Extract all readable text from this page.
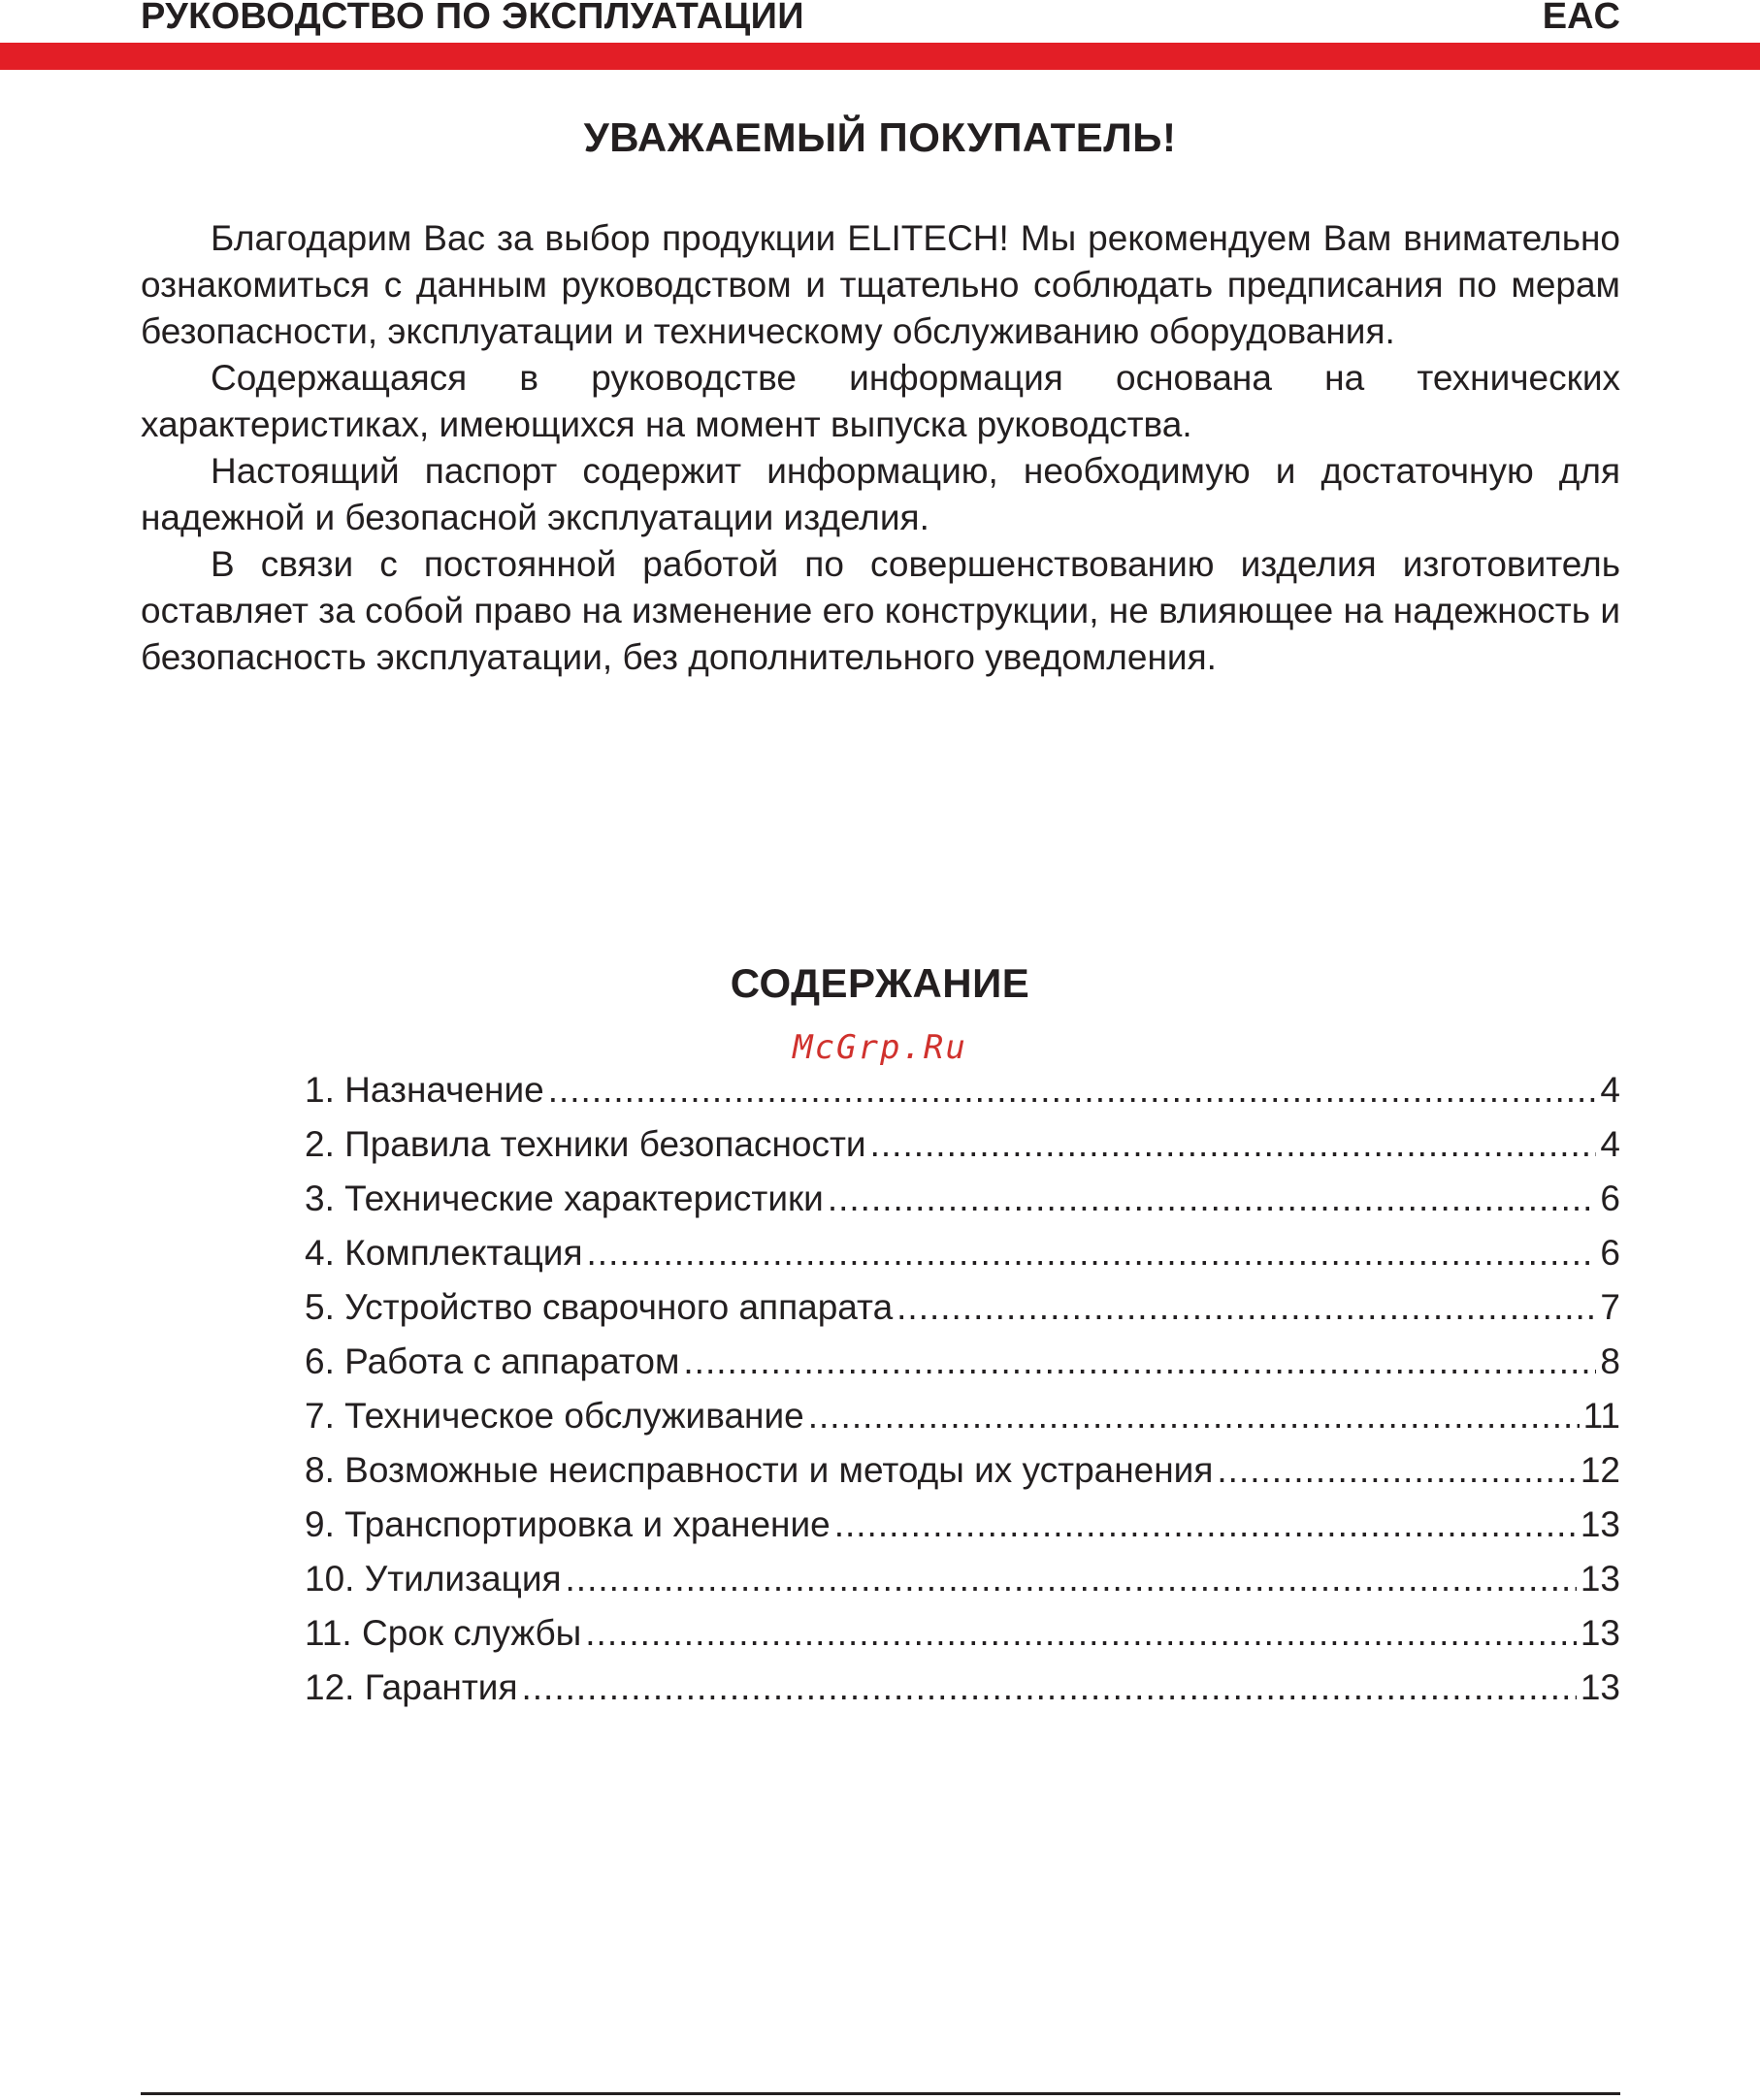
РУКОВОДСТВО ПО ЭКСПЛУАТАЦИИ	EAC
УВАЖАЕМЫЙ ПОКУПАТЕЛЬ!

Благодарим Вас за выбор продукции ELITECH! Мы рекомендуем Вам внимательно ознакомиться с данным руководством и тщательно соблюдать предписания по мерам безопасности, эксплуатации и техническому обслуживанию оборудования.

Содержащаяся в руководстве информация основана на технических характеристиках, имеющихся на момент выпуска руководства.

Настоящий паспорт содержит информацию, необходимую и достаточную для надежной и безопасной эксплуатации изделия.

В связи с постоянной работой по совершенствованию изделия изготовитель оставляет за собой право на изменение его конструкции, не влияющее на надежность и безопасность эксплуатации, без дополнительного уведомления.

СОДЕРЖАНИЕ
McGrp.Ru
1. Назначение .....	4
2. Правила техники безопасности .....	4
3. Технические характеристики .....	6
4. Комплектация .....	6
5. Устройство сварочного аппарата .....	7
6. Работа с аппаратом .....	8
7. Техническое обслуживание .....	11
8. Возможные неисправности и методы их устранения .....	12
9. Транспортировка и хранение .....	13
10. Утилизация .....	13
11. Срок службы .....	13
12. Гарантия .....	13
